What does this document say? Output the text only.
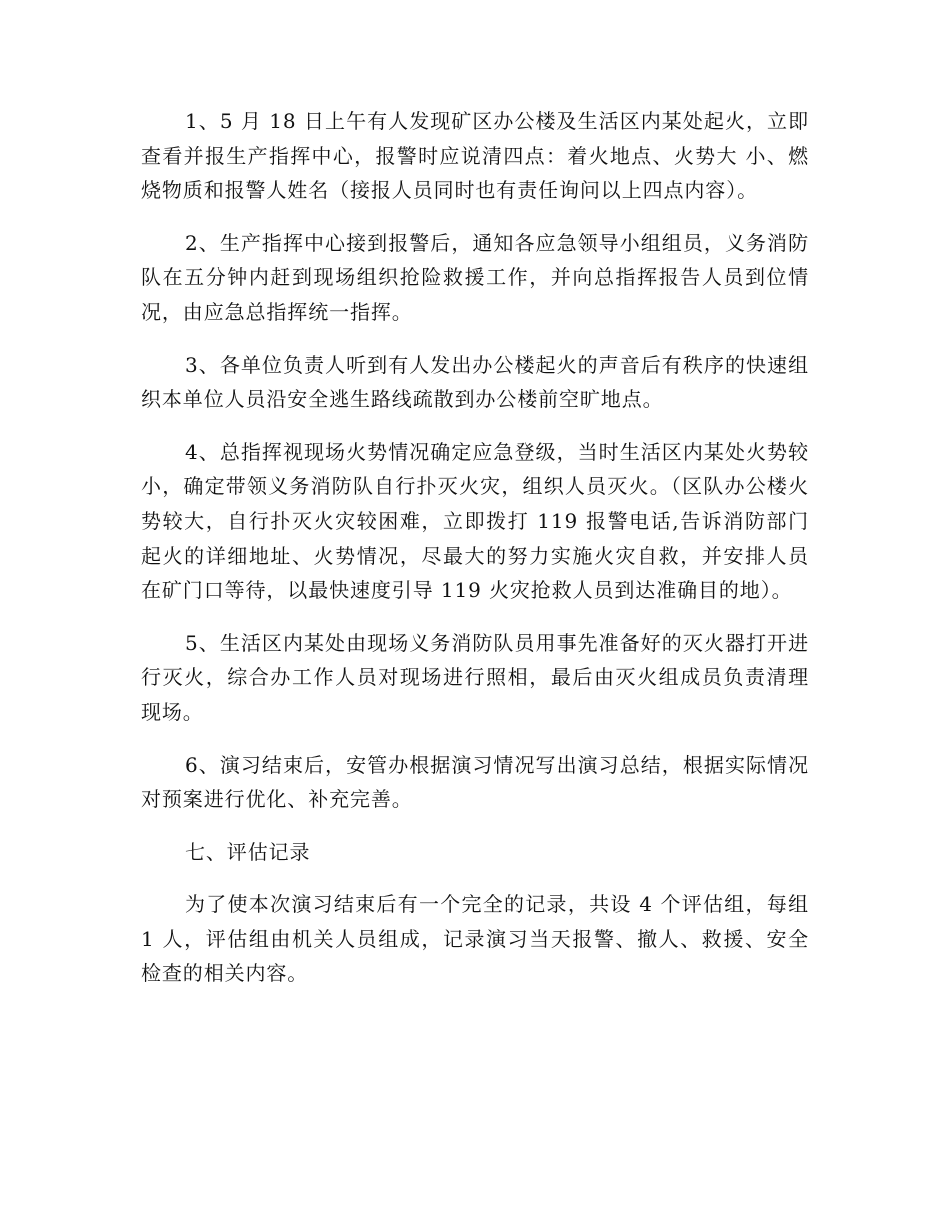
1、5 月 18 日上午有人发现矿区办公楼及生活区内某处起火，立即查看并报生产指挥中心，报警时应说清四点：着火地点、火势大 小、燃烧物质和报警人姓名（接报人员同时也有责任询问以上四点内容）。

2、生产指挥中心接到报警后，通知各应急领导小组组员，义务消防队在五分钟内赶到现场组织抢险救援工作，并向总指挥报告人员到位情况，由应急总指挥统一指挥。

3、各单位负责人听到有人发出办公楼起火的声音后有秩序的快速组织本单位人员沿安全逃生路线疏散到办公楼前空旷地点。

4、总指挥视现场火势情况确定应急登级，当时生活区内某处火势较小，确定带领义务消防队自行扑灭火灾，组织人员灭火。（区队办公楼火势较大，自行扑灭火灾较困难，立即拨打 119 报警电话,告诉消防部门起火的详细地址、火势情况，尽最大的努力实施火灾自救，并安排人员在矿门口等待，以最快速度引导 119 火灾抢救人员到达准确目的地）。

5、生活区内某处由现场义务消防队员用事先准备好的灭火器打开进行灭火，综合办工作人员对现场进行照相，最后由灭火组成员负责清理现场。

6、演习结束后，安管办根据演习情况写出演习总结，根据实际情况对预案进行优化、补充完善。

七、评估记录

为了使本次演习结束后有一个完全的记录，共设 4 个评估组，每组 1 人，评估组由机关人员组成，记录演习当天报警、撤人、救援、安全检查的相关内容。
